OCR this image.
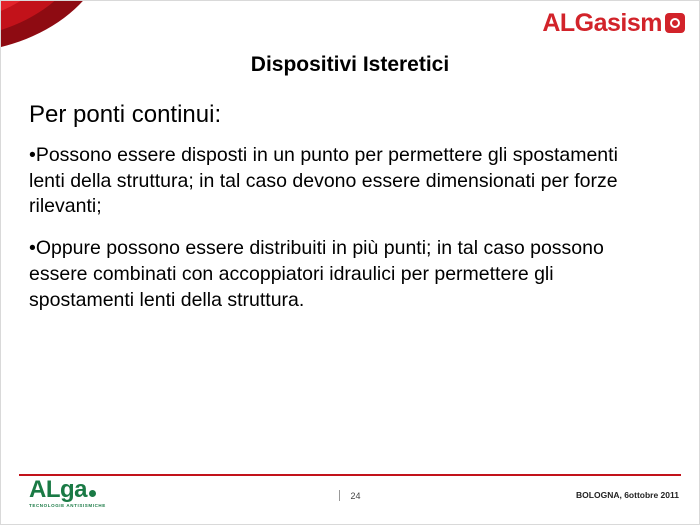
ALGasism
Dispositivi Isteretici

Per ponti continui:

•Possono essere disposti in un punto per permettere gli spostamenti lenti della struttura; in tal caso devono essere dimensionati per forze rilevanti;

•Oppure possono essere distribuiti in più punti; in tal caso possono essere combinati con accoppiatori idraulici per permettere gli spostamenti lenti della struttura.

ALga
TECNOLOGIE ANTISISMICHE
24	BOLOGNA, 6ottobre 2011
